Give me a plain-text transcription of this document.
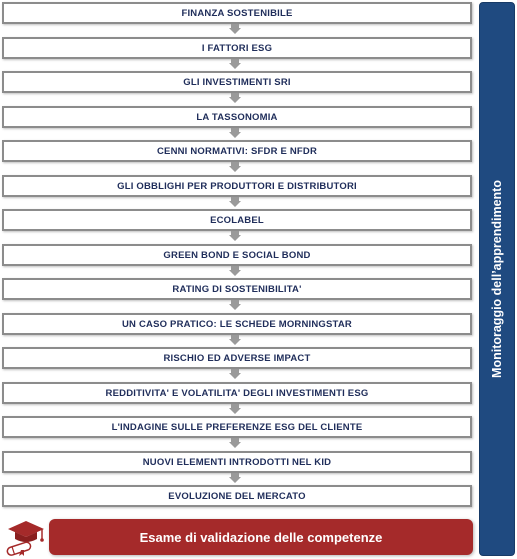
FINANZA SOSTENIBILE
I FATTORI ESG
GLI INVESTIMENTI SRI
LA TASSONOMIA
CENNI NORMATIVI: SFDR E NFDR
GLI OBBLIGHI PER PRODUTTORI E DISTRIBUTORI
ECOLABEL
GREEN BOND E SOCIAL BOND
RATING DI SOSTENIBILITA'
UN CASO PRATICO: LE SCHEDE MORNINGSTAR
RISCHIO ED ADVERSE IMPACT
REDDITIVITA' E VOLATILITA' DEGLI INVESTIMENTI ESG
L'INDAGINE SULLE PREFERENZE ESG DEL CLIENTE
NUOVI ELEMENTI INTRODOTTI NEL KID
EVOLUZIONE DEL MERCATO
Monitoraggio dell’apprendimento
Esame di validazione delle competenze
